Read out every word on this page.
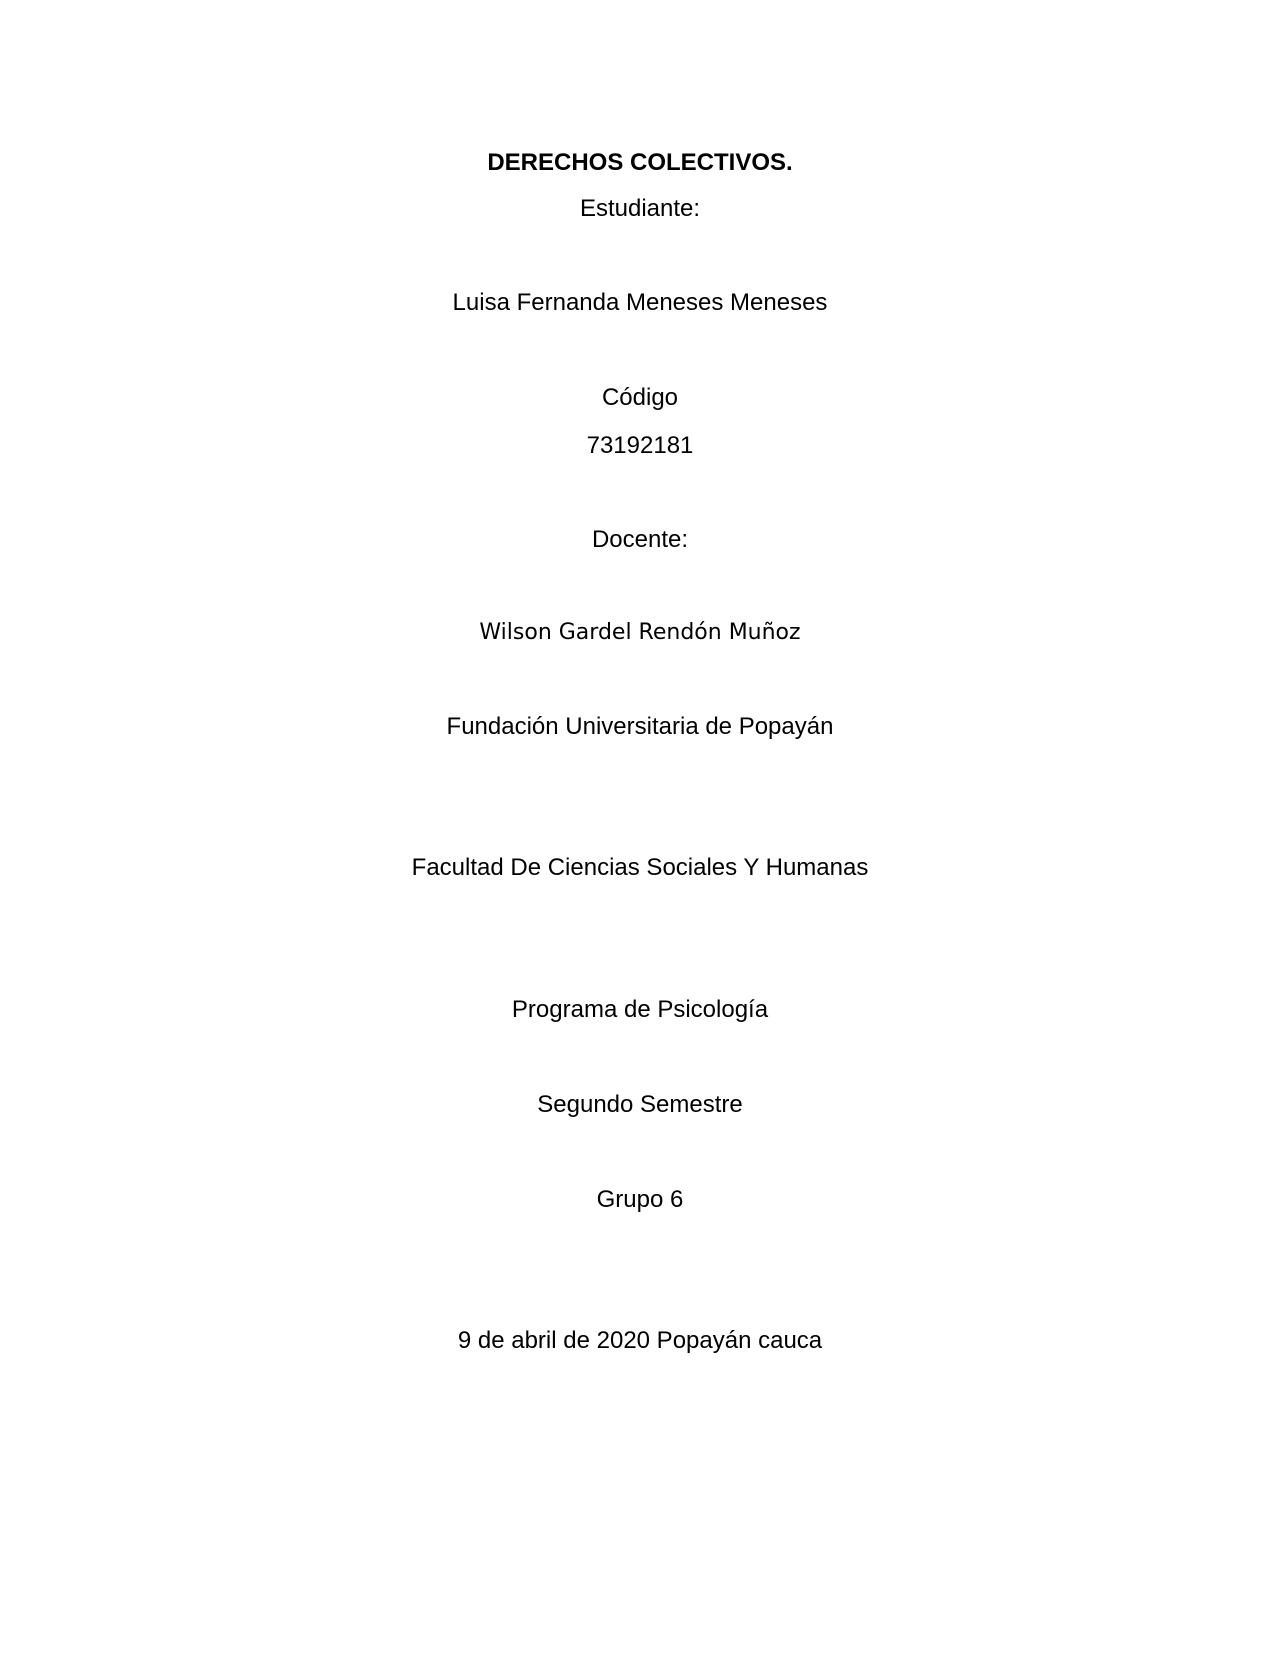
DERECHOS COLECTIVOS.
Estudiante:
Luisa Fernanda Meneses Meneses
Código
73192181
Docente:
Wilson Gardel Rendón Muñoz
Fundación Universitaria de Popayán
Facultad De Ciencias Sociales Y Humanas
Programa de Psicología
Segundo Semestre
Grupo 6
9 de abril de 2020 Popayán cauca
